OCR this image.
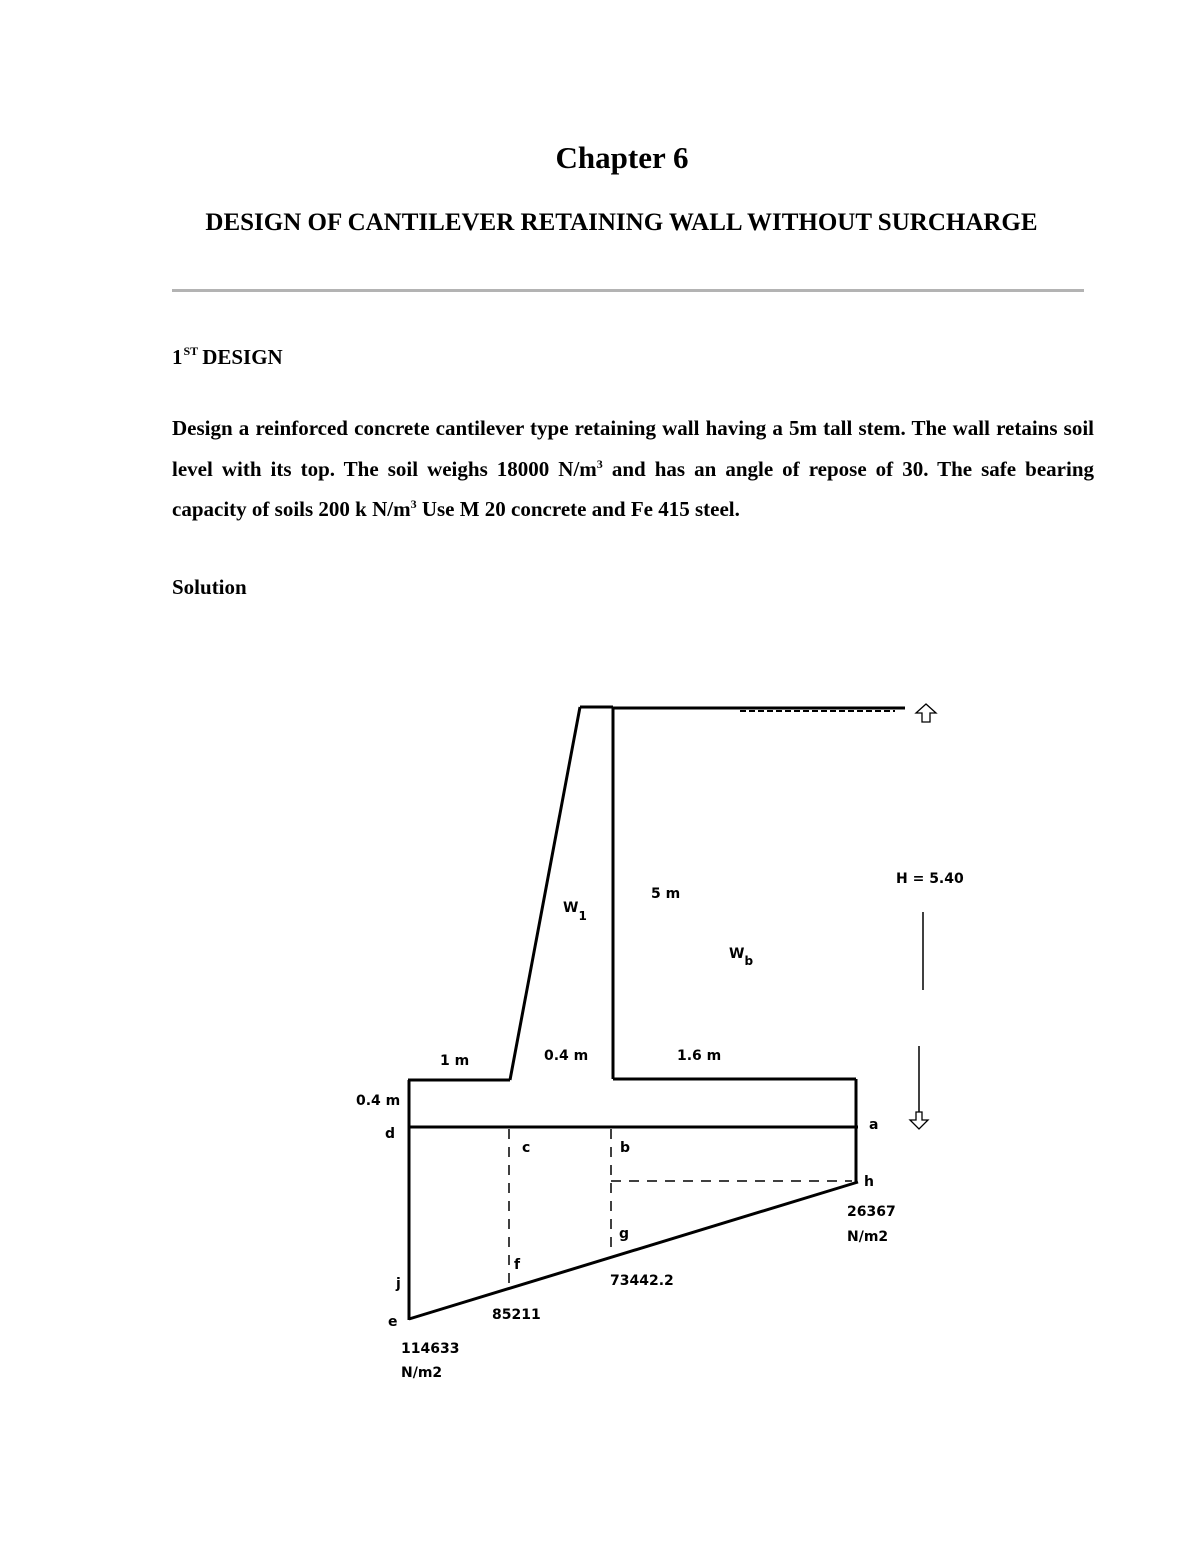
Chapter 6
DESIGN OF CANTILEVER RETAINING WALL WITHOUT SURCHARGE
1ST DESIGN
Design a reinforced concrete cantilever type retaining wall having a 5m tall stem. The wall retains soil level with its top. The soil weighs 18000 $N/m^3$ and has an angle of repose of 30. The safe bearing capacity of soils 200 k $N/m^3$ Use M 20 concrete and Fe 415 steel.
Solution
W1
5 m
Wb
H = 5.40
1 m	0.4 m	1.6 m
0.4 m
d
c	b
a
h
g
f
j
e
26367
N/m2
73442.2
85211
114633
N/m2
